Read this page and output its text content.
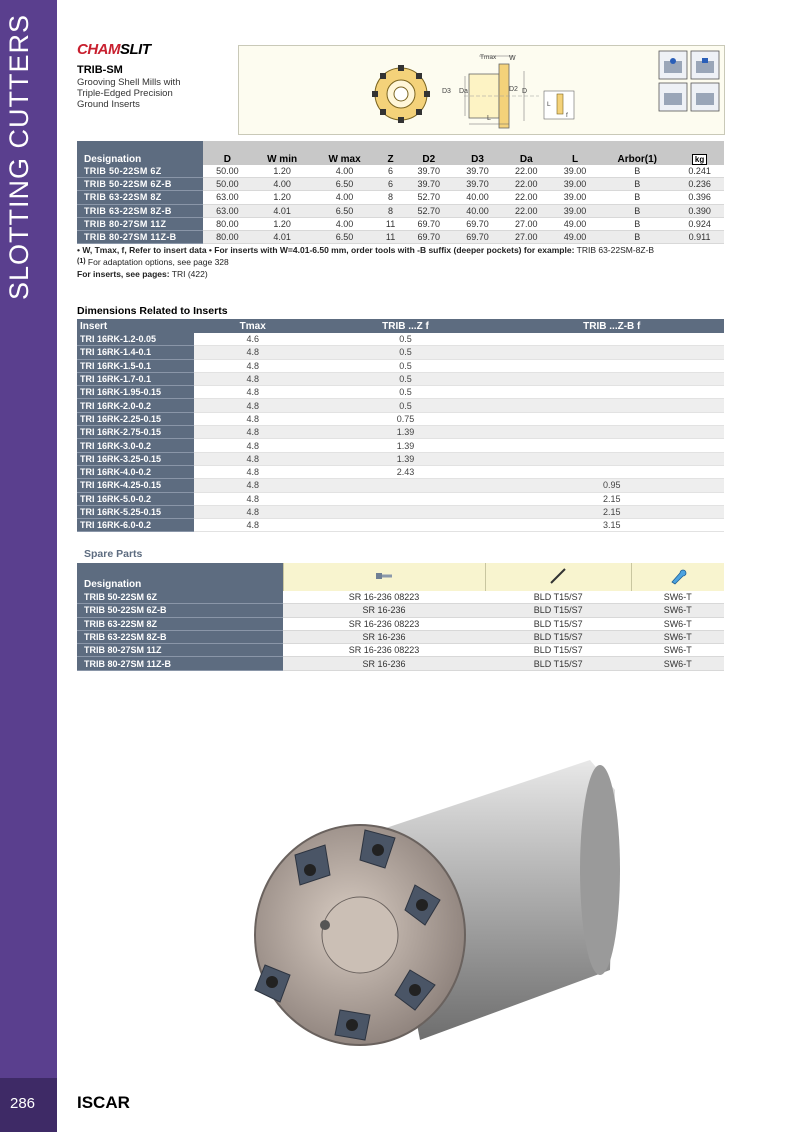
SLOTTING CUTTERS
286 ISCAR
CHAMSLIT
TRIB-SM
Grooving Shell Mills with Triple-Edged Precision Ground Inserts
Tmax W
D3 Da	D2 D
L
L
f
Designation	D	W min	W max	Z	D2	D3	Da	L	Arbor(1)	kg
TRIB 50-22SM 6Z	50.00	1.20	4.00	6	39.70	39.70	22.00	39.00	B	0.241
TRIB 50-22SM 6Z-B	50.00	4.00	6.50	6	39.70	39.70	22.00	39.00	B	0.236
TRIB 63-22SM 8Z	63.00	1.20	4.00	8	52.70	40.00	22.00	39.00	B	0.396
TRIB 63-22SM 8Z-B	63.00	4.01	6.50	8	52.70	40.00	22.00	39.00	B	0.390
TRIB 80-27SM 11Z	80.00	1.20	4.00	11	69.70	69.70	27.00	49.00	B	0.924
TRIB 80-27SM 11Z-B	80.00	4.01	6.50	11	69.70	69.70	27.00	49.00	B	0.911
• W, Tmax, f, Refer to insert data • For inserts with W=4.01-6.50 mm, order tools with -B suffix (deeper pockets) for example: TRIB 63-22SM-8Z-B
$^{(1)}$ For adaptation options, see page 328
For inserts, see pages: TRI (422)
Dimensions Related to Inserts
Insert	Tmax	TRIB ...Z f	TRIB ...Z-B f
TRI 16RK-1.2-0.05	4.6	0.5	
TRI 16RK-1.4-0.1	4.8	0.5	
TRI 16RK-1.5-0.1	4.8	0.5	
TRI 16RK-1.7-0.1	4.8	0.5	
TRI 16RK-1.95-0.15	4.8	0.5	
TRI 16RK-2.0-0.2	4.8	0.5	
TRI 16RK-2.25-0.15	4.8	0.75	
TRI 16RK-2.75-0.15	4.8	1.39	
TRI 16RK-3.0-0.2	4.8	1.39	
TRI 16RK-3.25-0.15	4.8	1.39	
TRI 16RK-4.0-0.2	4.8	2.43	
TRI 16RK-4.25-0.15	4.8		0.95
TRI 16RK-5.0-0.2	4.8		2.15
TRI 16RK-5.25-0.15	4.8		2.15
TRI 16RK-6.0-0.2	4.8		3.15
Spare Parts
Designation			
TRIB 50-22SM 6Z	SR 16-236 08223	BLD T15/S7	SW6-T
TRIB 50-22SM 6Z-B	SR 16-236	BLD T15/S7	SW6-T
TRIB 63-22SM 8Z	SR 16-236 08223	BLD T15/S7	SW6-T
TRIB 63-22SM 8Z-B	SR 16-236	BLD T15/S7	SW6-T
TRIB 80-27SM 11Z	SR 16-236 08223	BLD T15/S7	SW6-T
TRIB 80-27SM 11Z-B	SR 16-236	BLD T15/S7	SW6-T
